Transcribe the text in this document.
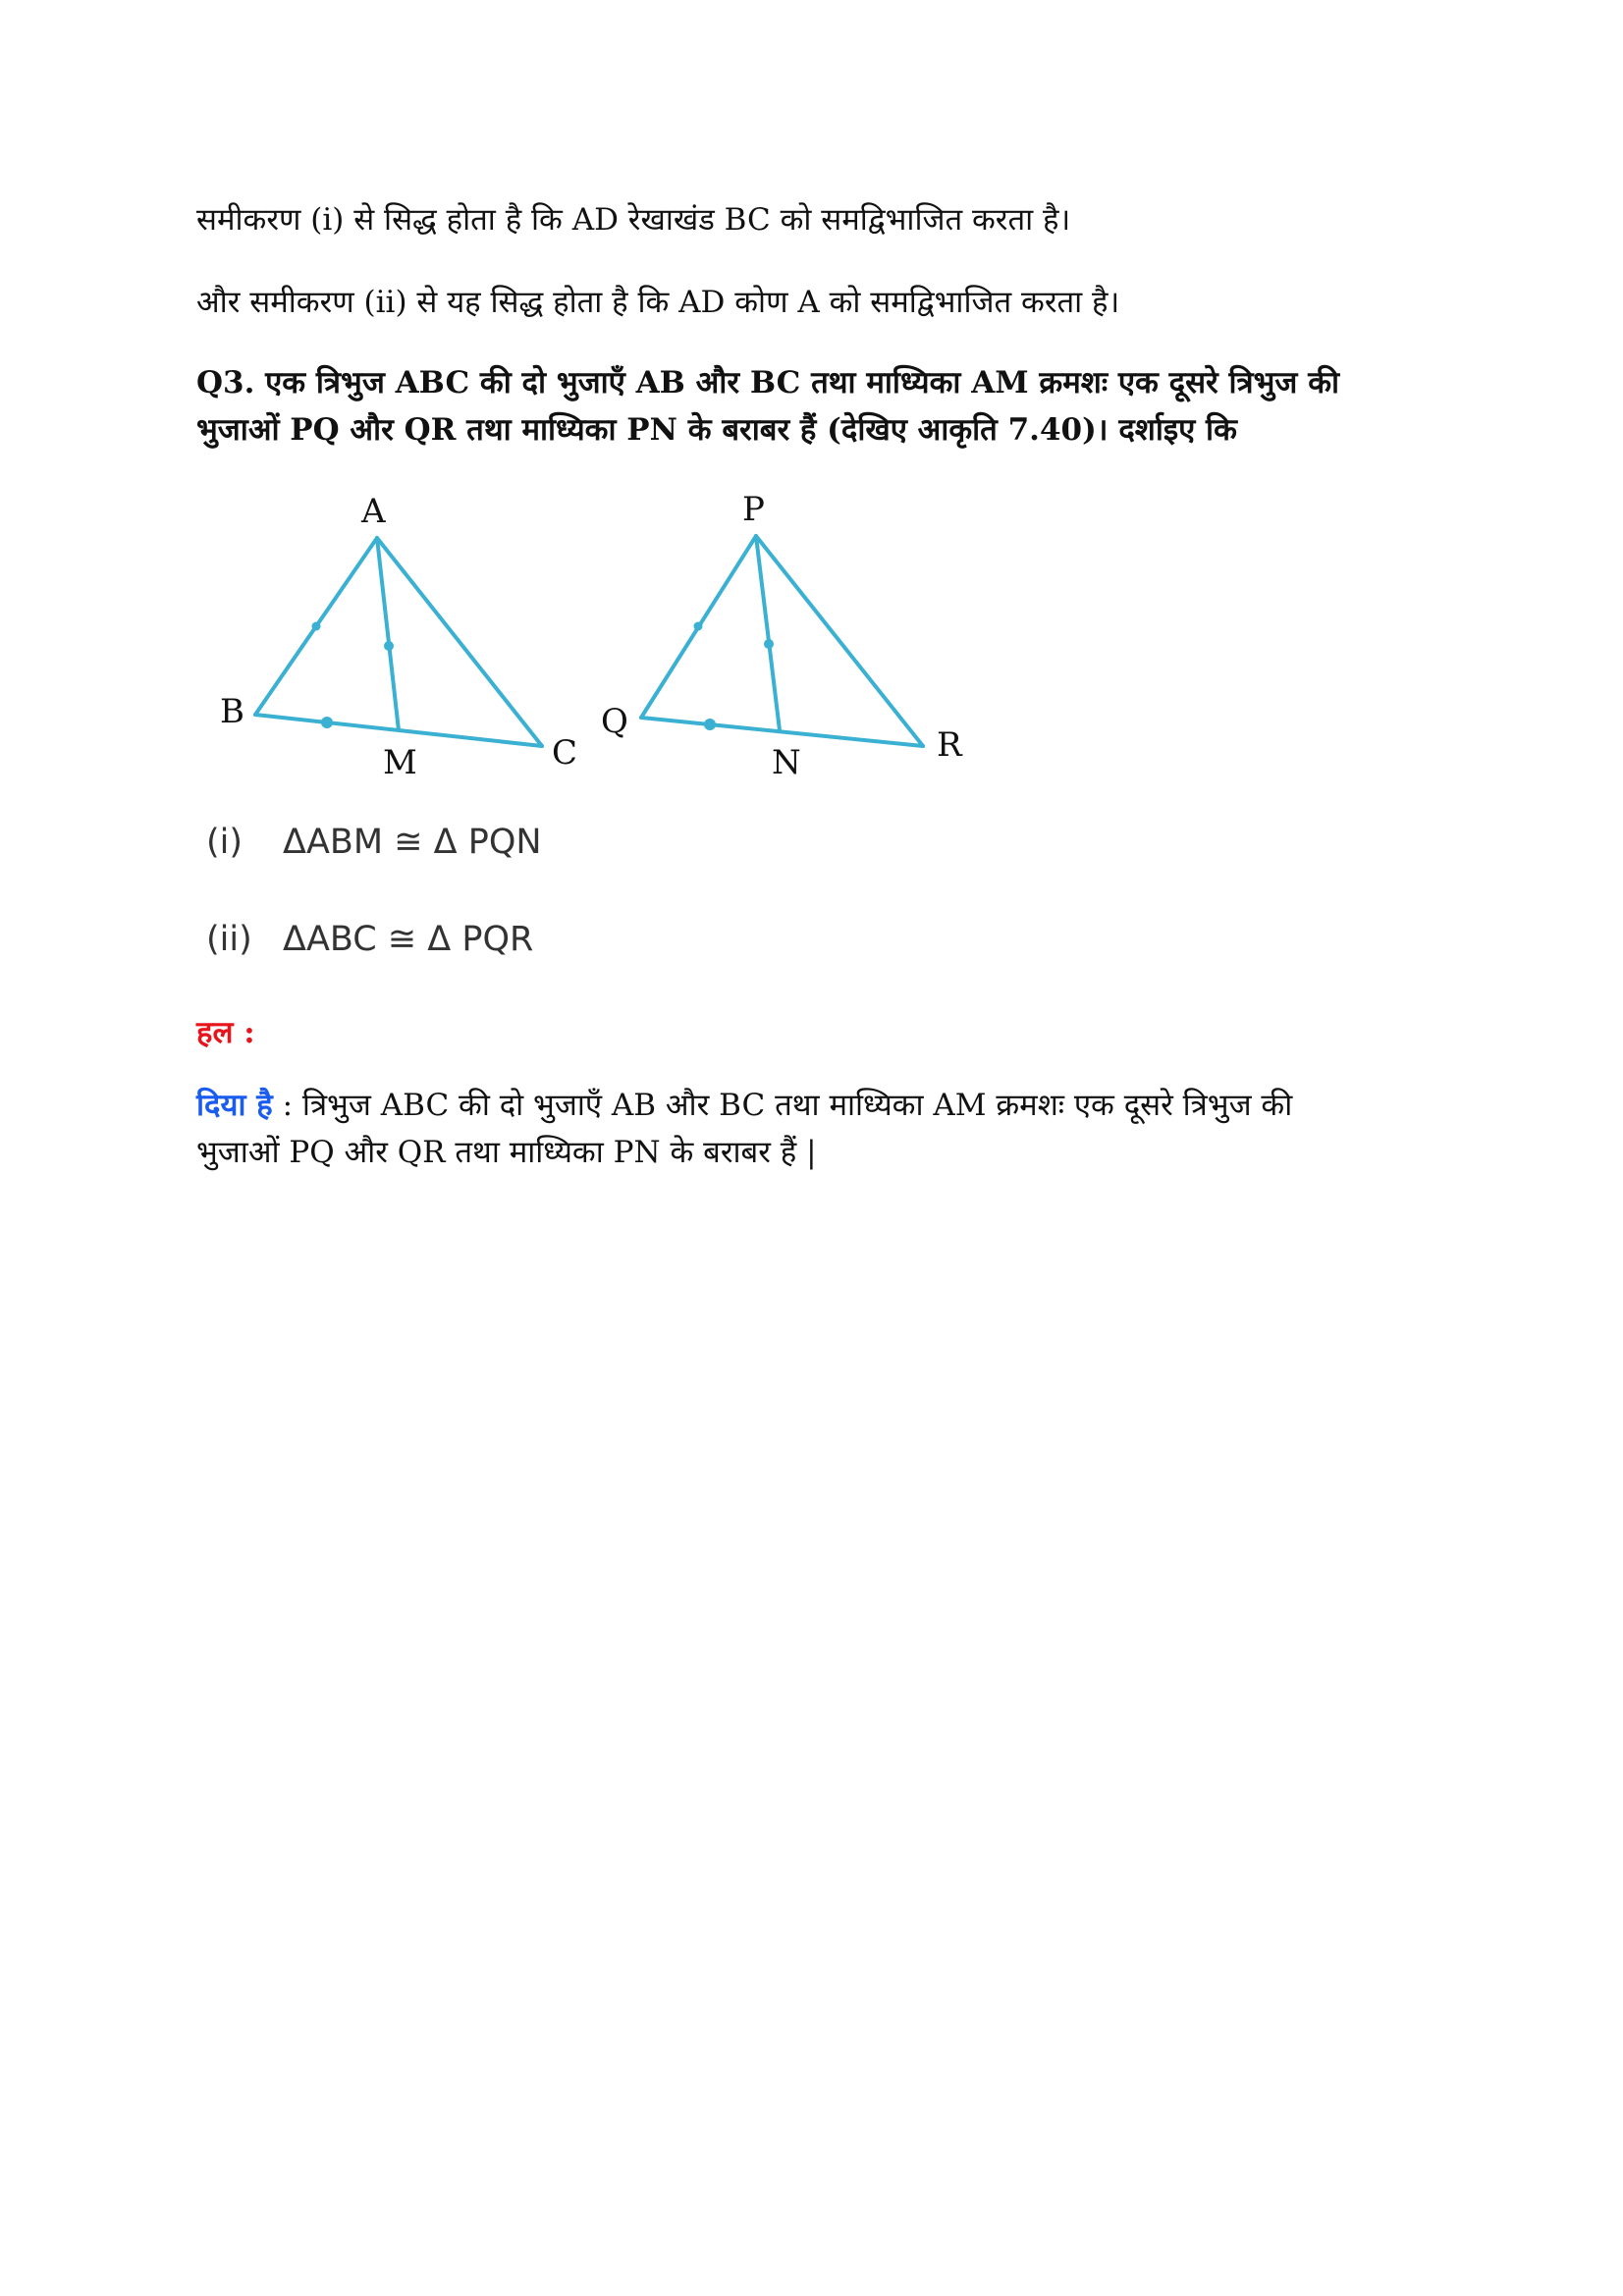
समीकरण (i) से सिद्ध होता है कि AD रेखाखंड BC को समद्विभाजित करता है।
और समीकरण (ii) से यह सिद्ध होता है कि AD कोण A को समद्विभाजित करता है।
Q3. एक त्रिभुज ABC की दो भुजाएँ AB और BC तथा माध्यिका AM क्रमशः एक दूसरे त्रिभुज की
भुजाओं PQ और QR तथा माध्यिका PN के बराबर हैं (देखिए आकृति 7.40)। दर्शाइए कि
A
B
C
M
P
Q
R
N
(i) ΔABM ≅ Δ PQN
(ii) ΔABC ≅ Δ PQR
हल :
दिया है : त्रिभुज ABC की दो भुजाएँ AB और BC तथा माध्यिका AM क्रमशः एक दूसरे त्रिभुज की
भुजाओं PQ और QR तथा माध्यिका PN के बराबर हैं |
